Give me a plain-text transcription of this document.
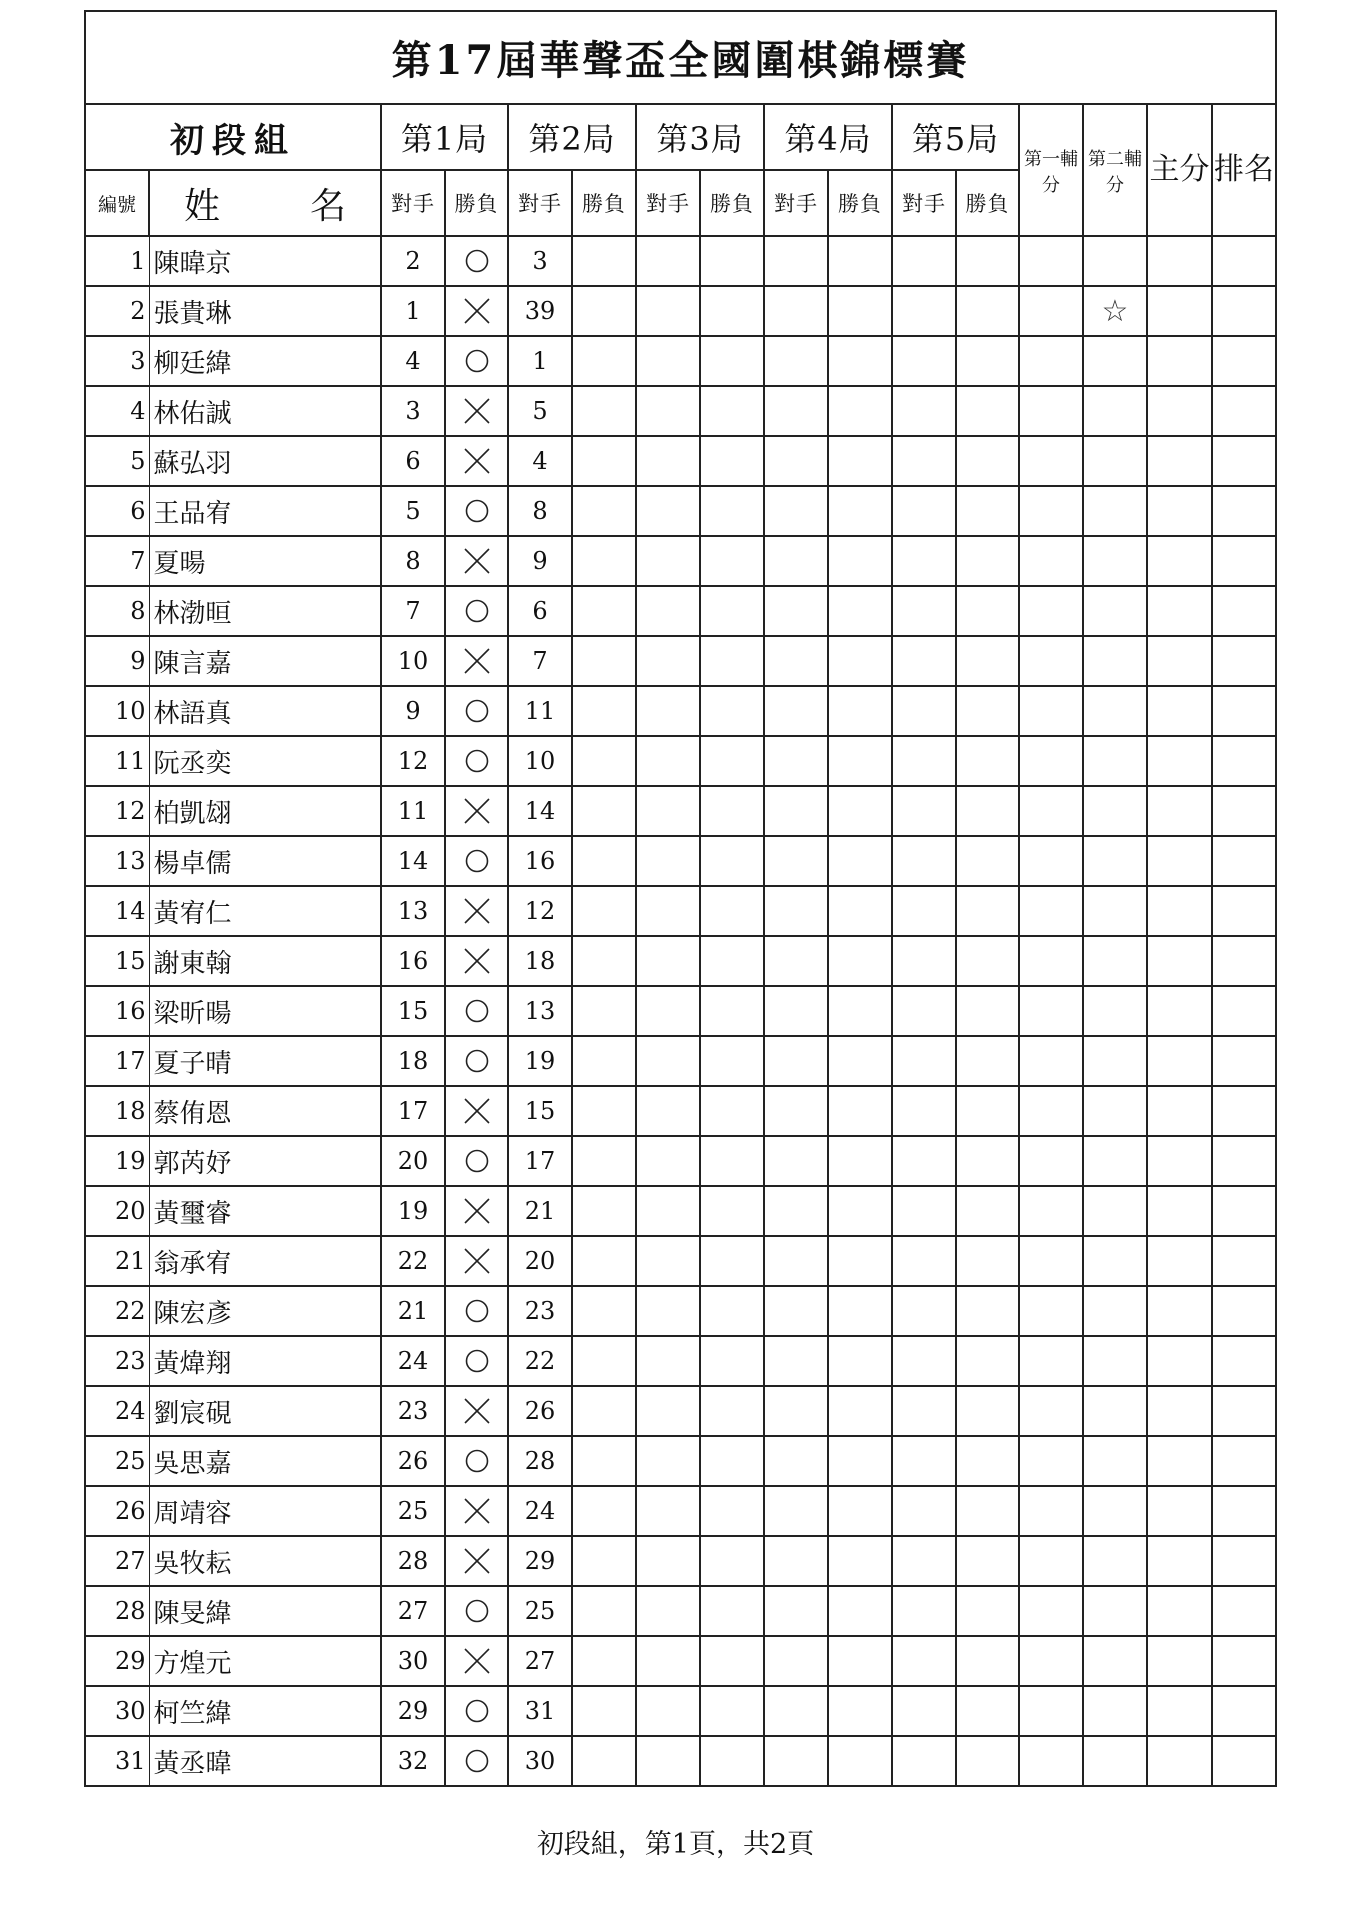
第17屆華聲盃全國圍棋錦標賽															
初段組		第1局		第2局		第3局		第4局		第5局		第一輔分	第二輔分	主分	排名
編號	姓 名	對手	勝負	對手	勝負	對手	勝負	對手	勝負	對手	勝負				
1	陳暐京	2		3											
2	張貴琳	1		39									☆		
3	柳廷緯	4		1											
4	林佑誠	3		5											
5	蘇弘羽	6		4											
6	王品宥	5		8											
7	夏暘	8		9											
8	林渤晅	7		6											
9	陳言嘉	10		7											
10	林語真	9		11											
11	阮丞奕	12		10											
12	柏凱翃	11		14											
13	楊卓儒	14		16											
14	黃宥仁	13		12											
15	謝東翰	16		18											
16	梁昕暘	15		13											
17	夏子晴	18		19											
18	蔡侑恩	17		15											
19	郭芮妤	20		17											
20	黃璽睿	19		21											
21	翁承宥	22		20											
22	陳宏彥	21		23											
23	黃煒翔	24		22											
24	劉宸硯	23		26											
25	吳思嘉	26		28											
26	周靖容	25		24											
27	吳牧耘	28		29											
28	陳旻緯	27		25											
29	方煌元	30		27											
30	柯竺緯	29		31											
31	黃丞暐	32		30											
初段組，第1頁，共2頁
